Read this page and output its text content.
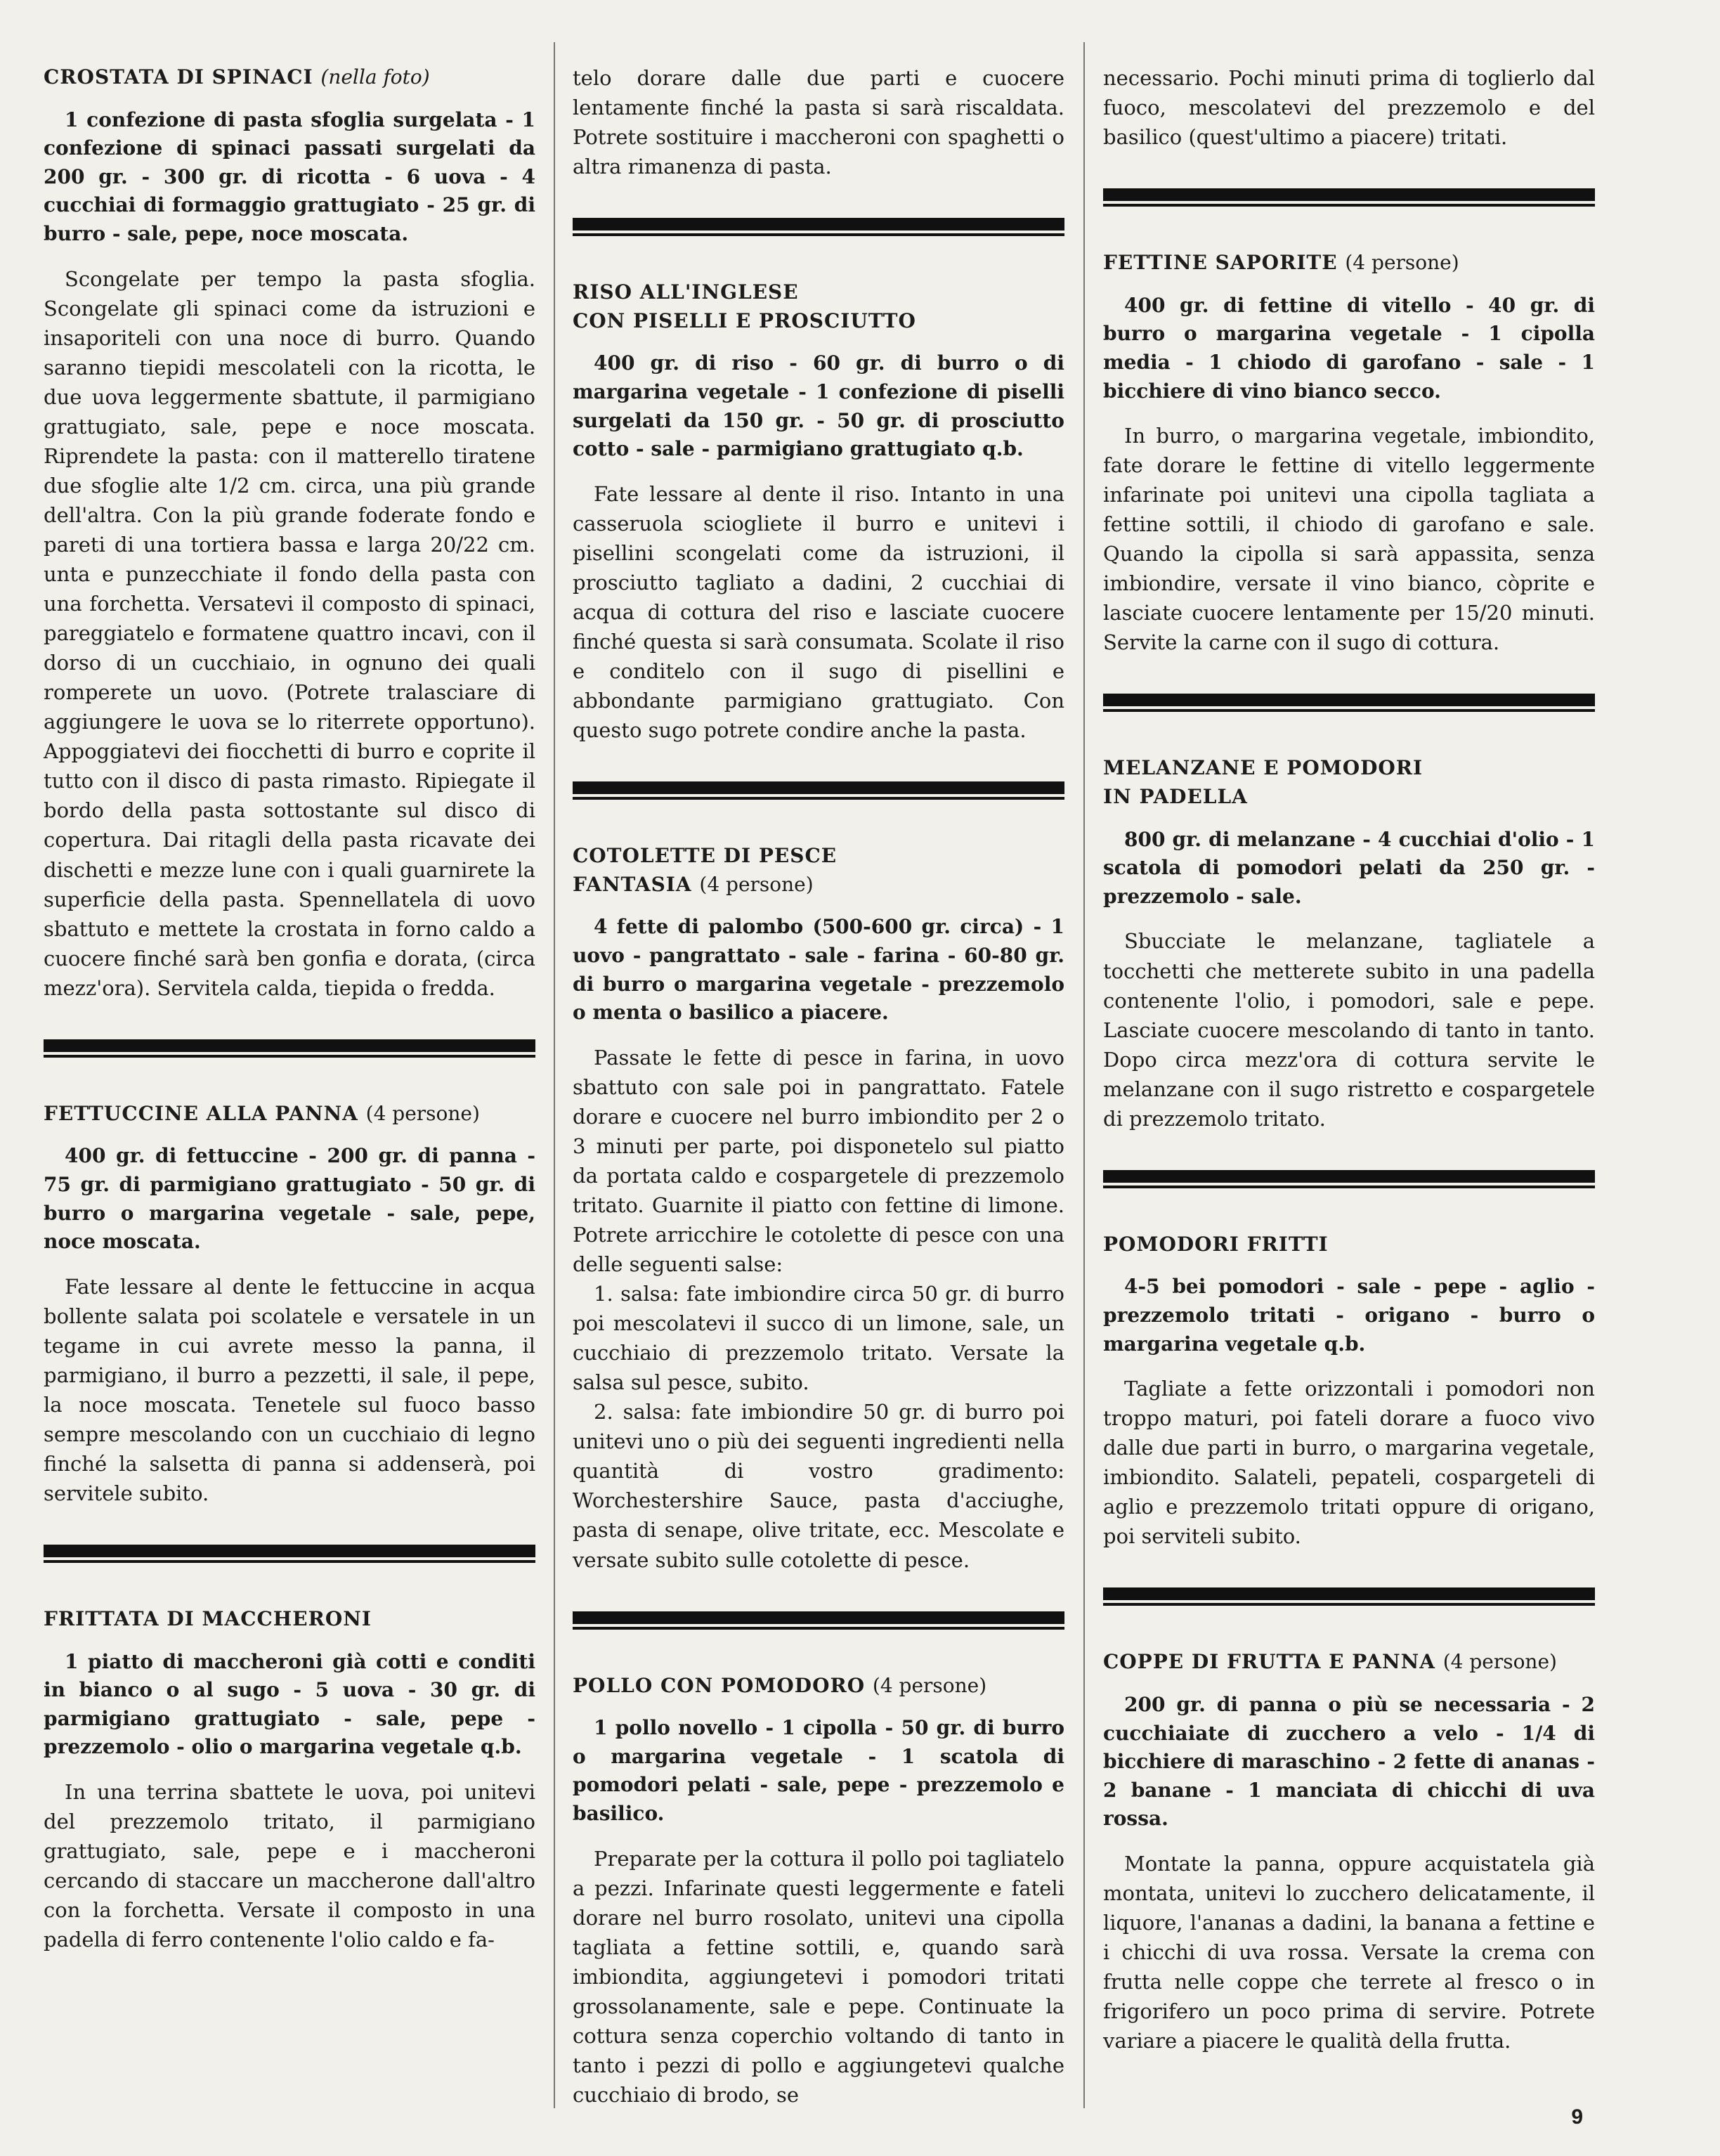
CROSTATA DI SPINACI (nella foto)

1 confezione di pasta sfoglia surgelata - 1 confezione di spinaci passati surgelati da 200 gr. - 300 gr. di ricotta - 6 uova - 4 cucchiai di formaggio grattugiato - 25 gr. di burro - sale, pepe, noce moscata.

Scongelate per tempo la pasta sfoglia. Scongelate gli spinaci come da istruzioni e insaporiteli con una noce di burro. Quando saranno tiepidi mescolateli con la ricotta, le due uova leggermente sbattute, il parmigiano grattugiato, sale, pepe e noce moscata. Riprendete la pasta: con il matterello tiratene due sfoglie alte 1/2 cm. circa, una più grande dell'altra. Con la più grande foderate fondo e pareti di una tortiera bassa e larga 20/22 cm. unta e punzecchiate il fondo della pasta con una forchetta. Versatevi il composto di spinaci, pareggiatelo e formatene quattro incavi, con il dorso di un cucchiaio, in ognuno dei quali romperete un uovo. (Potrete tralasciare di aggiungere le uova se lo riterrete opportuno). Appoggiatevi dei fiocchetti di burro e coprite il tutto con il disco di pasta rimasto. Ripiegate il bordo della pasta sottostante sul disco di copertura. Dai ritagli della pasta ricavate dei dischetti e mezze lune con i quali guarnirete la superficie della pasta. Spennellatela di uovo sbattuto e mettete la crostata in forno caldo a cuocere finché sarà ben gonfia e dorata, (circa mezz'ora). Servitela calda, tiepida o fredda.

FETTUCCINE ALLA PANNA (4 persone)

400 gr. di fettuccine - 200 gr. di panna - 75 gr. di parmigiano grattugiato - 50 gr. di burro o margarina vegetale - sale, pepe, noce moscata.

Fate lessare al dente le fettuccine in acqua bollente salata poi scolatele e versatele in un tegame in cui avrete messo la panna, il parmigiano, il burro a pezzetti, il sale, il pepe, la noce moscata. Tenetele sul fuoco basso sempre mescolando con un cucchiaio di legno finché la salsetta di panna si addenserà, poi servitele subito.

FRITTATA DI MACCHERONI

1 piatto di maccheroni già cotti e conditi in bianco o al sugo - 5 uova - 30 gr. di parmigiano grattugiato - sale, pepe - prezzemolo - olio o margarina vegetale q.b.

In una terrina sbattete le uova, poi unitevi del prezzemolo tritato, il parmigiano grattugiato, sale, pepe e i maccheroni cercando di staccare un maccherone dall'altro con la forchetta. Versate il composto in una padella di ferro contenente l'olio caldo e fa-

telo dorare dalle due parti e cuocere lentamente finché la pasta si sarà riscaldata. Potrete sostituire i maccheroni con spaghetti o altra rimanenza di pasta.

RISO ALL'INGLESE
CON PISELLI E PROSCIUTTO

400 gr. di riso - 60 gr. di burro o di margarina vegetale - 1 confezione di piselli surgelati da 150 gr. - 50 gr. di prosciutto cotto - sale - parmigiano grattugiato q.b.

Fate lessare al dente il riso. Intanto in una casseruola sciogliete il burro e unitevi i pisellini scongelati come da istruzioni, il prosciutto tagliato a dadini, 2 cucchiai di acqua di cottura del riso e lasciate cuocere finché questa si sarà consumata. Scolate il riso e conditelo con il sugo di pisellini e abbondante parmigiano grattugiato. Con questo sugo potrete condire anche la pasta.

COTOLETTE DI PESCE
FANTASIA (4 persone)

4 fette di palombo (500-600 gr. circa) - 1 uovo - pangrattato - sale - farina - 60-80 gr. di burro o margarina vegetale - prezzemolo o menta o basilico a piacere.

Passate le fette di pesce in farina, in uovo sbattuto con sale poi in pangrattato. Fatele dorare e cuocere nel burro imbiondito per 2 o 3 minuti per parte, poi disponetelo sul piatto da portata caldo e cospargetele di prezzemolo tritato. Guarnite il piatto con fettine di limone. Potrete arricchire le cotolette di pesce con una delle seguenti salse:

1. salsa: fate imbiondire circa 50 gr. di burro poi mescolatevi il succo di un limone, sale, un cucchiaio di prezzemolo tritato. Versate la salsa sul pesce, subito.

2. salsa: fate imbiondire 50 gr. di burro poi unitevi uno o più dei seguenti ingredienti nella quantità di vostro gradimento: Worchestershire Sauce, pasta d'acciughe, pasta di senape, olive tritate, ecc. Mescolate e versate subito sulle cotolette di pesce.

POLLO CON POMODORO (4 persone)

1 pollo novello - 1 cipolla - 50 gr. di burro o margarina vegetale - 1 scatola di pomodori pelati - sale, pepe - prezzemolo e basilico.

Preparate per la cottura il pollo poi tagliatelo a pezzi. Infarinate questi leggermente e fateli dorare nel burro rosolato, unitevi una cipolla tagliata a fettine sottili, e, quando sarà imbiondita, aggiungetevi i pomodori tritati grossolanamente, sale e pepe. Continuate la cottura senza coperchio voltando di tanto in tanto i pezzi di pollo e aggiungetevi qualche cucchiaio di brodo, se

necessario. Pochi minuti prima di toglierlo dal fuoco, mescolatevi del prezzemolo e del basilico (quest'ultimo a piacere) tritati.

FETTINE SAPORITE (4 persone)

400 gr. di fettine di vitello - 40 gr. di burro o margarina vegetale - 1 cipolla media - 1 chiodo di garofano - sale - 1 bicchiere di vino bianco secco.

In burro, o margarina vegetale, imbiondito, fate dorare le fettine di vitello leggermente infarinate poi unitevi una cipolla tagliata a fettine sottili, il chiodo di garofano e sale. Quando la cipolla si sarà appassita, senza imbiondire, versate il vino bianco, còprite e lasciate cuocere lentamente per 15/20 minuti. Servite la carne con il sugo di cottura.

MELANZANE E POMODORI
IN PADELLA

800 gr. di melanzane - 4 cucchiai d'olio - 1 scatola di pomodori pelati da 250 gr. - prezzemolo - sale.

Sbucciate le melanzane, tagliatele a tocchetti che metterete subito in una padella contenente l'olio, i pomodori, sale e pepe. Lasciate cuocere mescolando di tanto in tanto. Dopo circa mezz'ora di cottura servite le melanzane con il sugo ristretto e cospargetele di prezzemolo tritato.

POMODORI FRITTI

4-5 bei pomodori - sale - pepe - aglio - prezzemolo tritati - origano - burro o margarina vegetale q.b.

Tagliate a fette orizzontali i pomodori non troppo maturi, poi fateli dorare a fuoco vivo dalle due parti in burro, o margarina vegetale, imbiondito. Salateli, pepateli, cospargeteli di aglio e prezzemolo tritati oppure di origano, poi serviteli subito.

COPPE DI FRUTTA E PANNA (4 persone)

200 gr. di panna o più se necessaria - 2 cucchiaiate di zucchero a velo - 1/4 di bicchiere di maraschino - 2 fette di ananas - 2 banane - 1 manciata di chicchi di uva rossa.

Montate la panna, oppure acquistatela già montata, unitevi lo zucchero delicatamente, il liquore, l'ananas a dadini, la banana a fettine e i chicchi di uva rossa. Versate la crema con frutta nelle coppe che terrete al fresco o in frigorifero un poco prima di servire. Potrete variare a piacere le qualità della frutta.

9
